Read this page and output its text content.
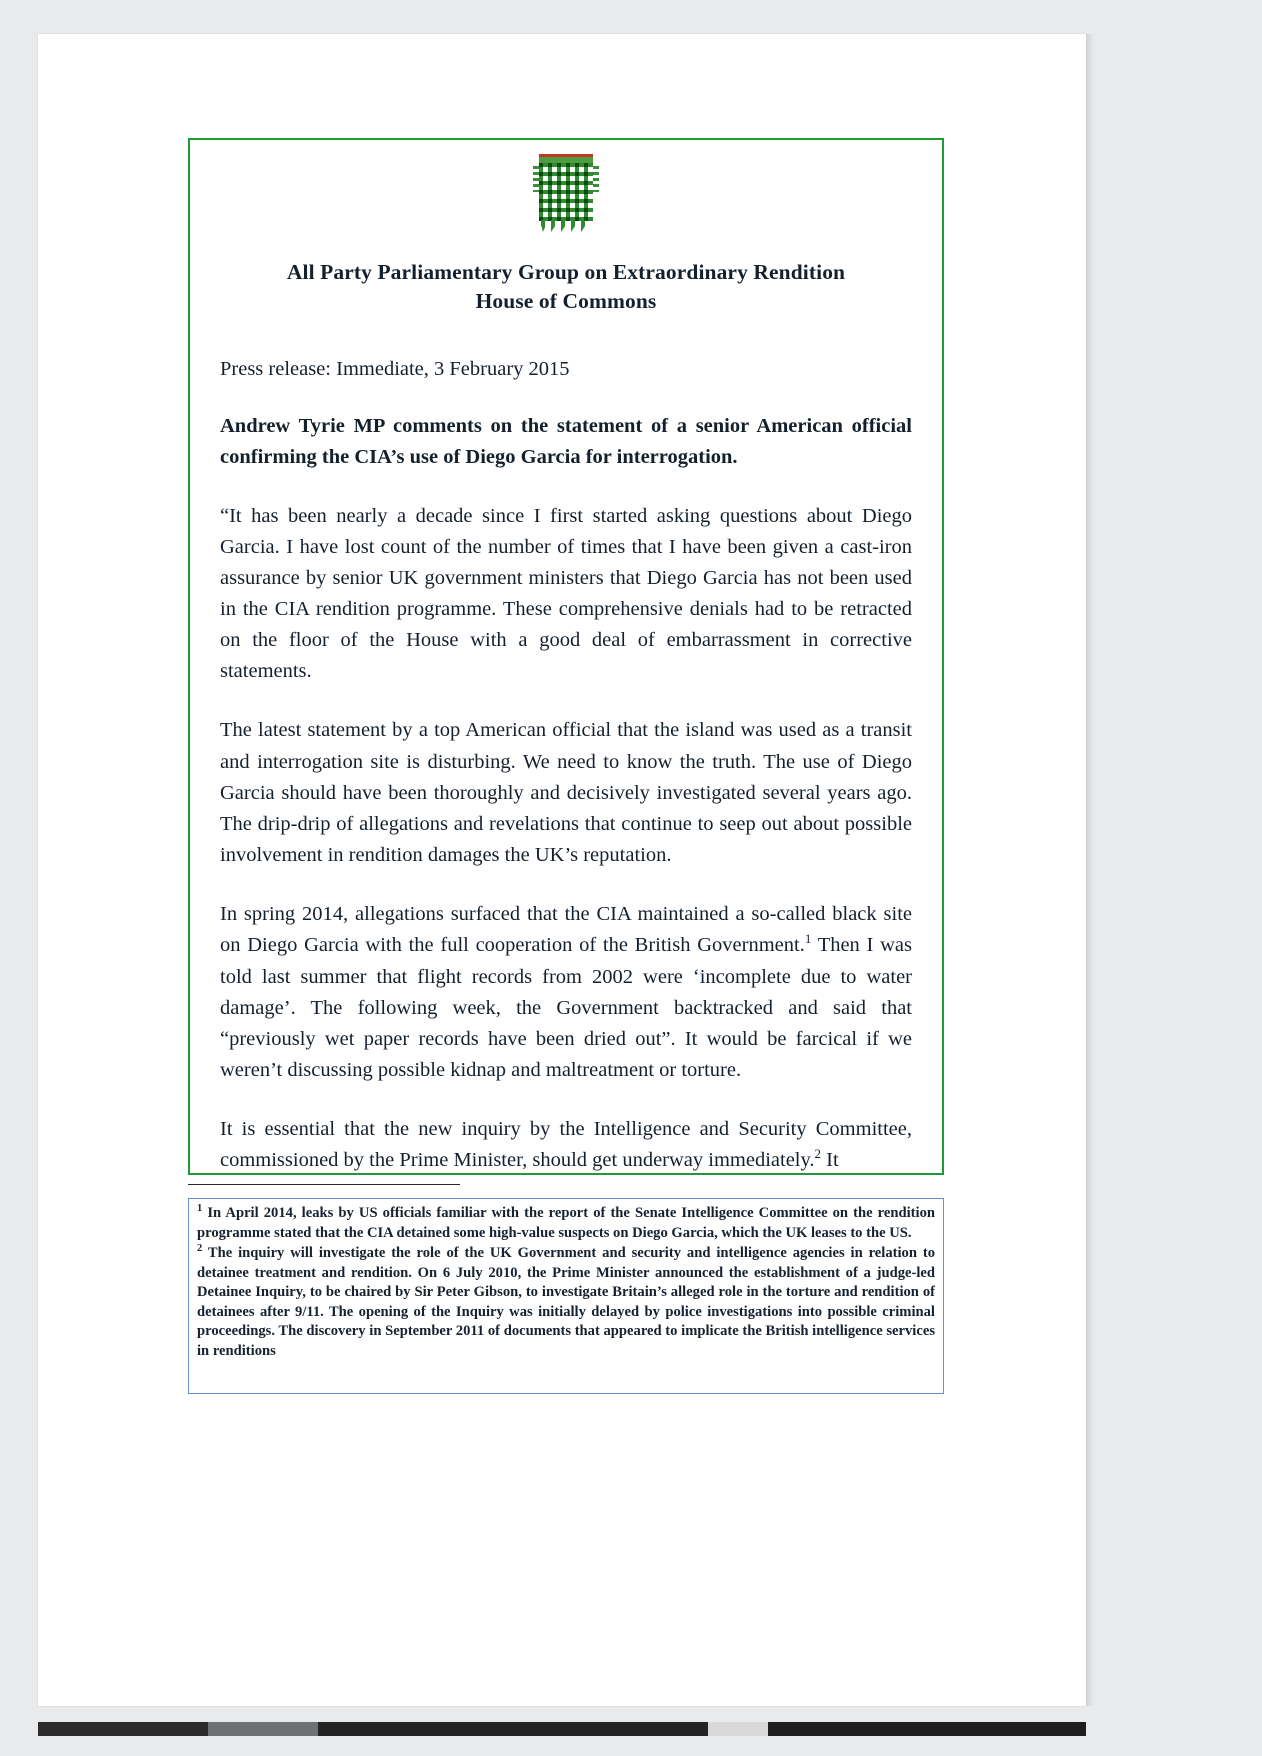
All Party Parliamentary Group on Extraordinary Rendition
House of Commons
Press release: Immediate, 3 February 2015
Andrew Tyrie MP comments on the statement of a senior American official confirming the CIA’s use of Diego Garcia for interrogation.

“It has been nearly a decade since I first started asking questions about Diego Garcia. I have lost count of the number of times that I have been given a cast-iron assurance by senior UK government ministers that Diego Garcia has not been used in the CIA rendition programme. These comprehensive denials had to be retracted on the floor of the House with a good deal of embarrassment in corrective statements.

The latest statement by a top American official that the island was used as a transit and interrogation site is disturbing. We need to know the truth. The use of Diego Garcia should have been thoroughly and decisively investigated several years ago. The drip-drip of allegations and revelations that continue to seep out about possible involvement in rendition damages the UK’s reputation.

In spring 2014, allegations surfaced that the CIA maintained a so-called black site on Diego Garcia with the full cooperation of the British Government.$^1$ Then I was told last summer that flight records from 2002 were ‘incomplete due to water damage’. The following week, the Government backtracked and said that “previously wet paper records have been dried out”. It would be farcical if we weren’t discussing possible kidnap and maltreatment or torture.

It is essential that the new inquiry by the Intelligence and Security Committee, commissioned by the Prime Minister, should get underway immediately.$^2$ It

$^1$ In April 2014, leaks by US officials familiar with the report of the Senate Intelligence Committee on the rendition programme stated that the CIA detained some high-value suspects on Diego Garcia, which the UK leases to the US.

$^2$ The inquiry will investigate the role of the UK Government and security and intelligence agencies in relation to detainee treatment and rendition. On 6 July 2010, the Prime Minister announced the establishment of a judge-led Detainee Inquiry, to be chaired by Sir Peter Gibson, to investigate Britain’s alleged role in the torture and rendition of detainees after 9/11. The opening of the Inquiry was initially delayed by police investigations into possible criminal proceedings. The discovery in September 2011 of documents that appeared to implicate the British intelligence services in renditions
